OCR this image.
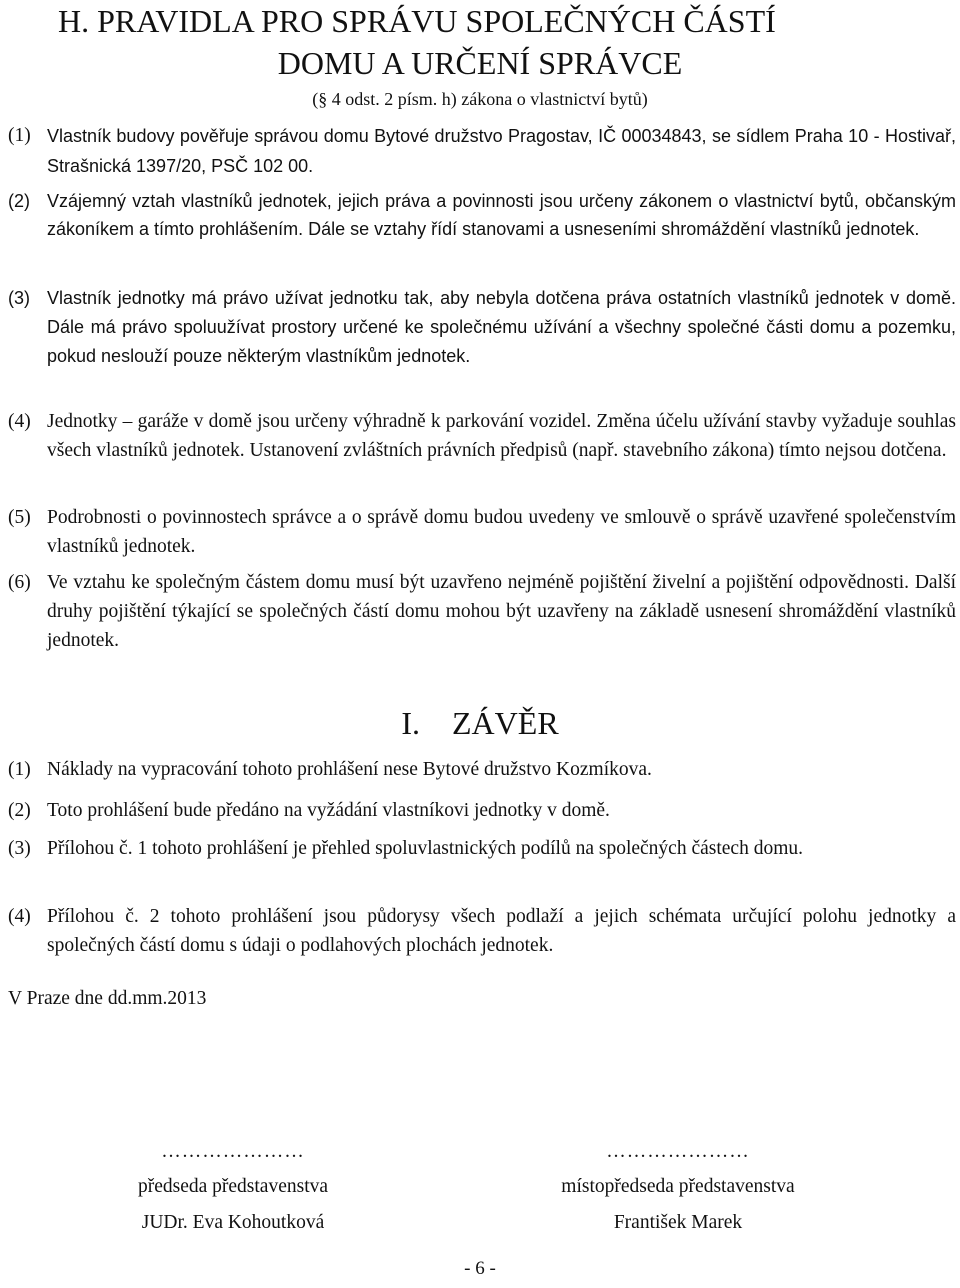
H. PRAVIDLA PRO SPRÁVU SPOLEČNÝCH ČÁSTÍ
DOMU A URČENÍ SPRÁVCE
(§ 4 odst. 2 písm. h) zákona o vlastnictví bytů)
(1) Vlastník budovy pověřuje správou domu Bytové družstvo Pragostav, IČ 00034843, se sídlem Praha 10 - Hostivař, Strašnická 1397/20, PSČ 102 00.
(2) Vzájemný vztah vlastníků jednotek, jejich práva a povinnosti jsou určeny zákonem o vlastnictví bytů, občanským zákoníkem a tímto prohlášením. Dále se vztahy řídí stanovami a usneseními shromáždění vlastníků jednotek.
(3) Vlastník jednotky má právo užívat jednotku tak, aby nebyla dotčena práva ostatních vlastníků jednotek v domě. Dále má právo spoluužívat prostory určené ke společnému užívání a všechny společné části domu a pozemku, pokud neslouží pouze některým vlastníkům jednotek.
(4) Jednotky – garáže v domě jsou určeny výhradně k parkování vozidel. Změna účelu užívání stavby vyžaduje souhlas všech vlastníků jednotek. Ustanovení zvláštních právních předpisů (např. stavebního zákona) tímto nejsou dotčena.
(5) Podrobnosti o povinnostech správce a o správě domu budou uvedeny ve smlouvě o správě uzavřené společenstvím vlastníků jednotek.
(6) Ve vztahu ke společným částem domu musí být uzavřeno nejméně pojištění živelní a pojištění odpovědnosti. Další druhy pojištění týkající se společných částí domu mohou být uzavřeny na základě usnesení shromáždění vlastníků jednotek.
I. ZÁVĚR
(1) Náklady na vypracování tohoto prohlášení nese Bytové družstvo Kozmíkova.
(2) Toto prohlášení bude předáno na vyžádání vlastníkovi jednotky v domě.
(3) Přílohou č. 1 tohoto prohlášení je přehled spoluvlastnických podílů na společných částech domu.
(4) Přílohou č. 2 tohoto prohlášení jsou půdorysy všech podlaží a jejich schémata určující polohu jednotky a společných částí domu s údaji o podlahových plochách jednotek.
V Praze dne dd.mm.2013
…………………
předseda představenstva
JUDr. Eva Kohoutková
…………………
místopředseda představenstva
František Marek
- 6 -
